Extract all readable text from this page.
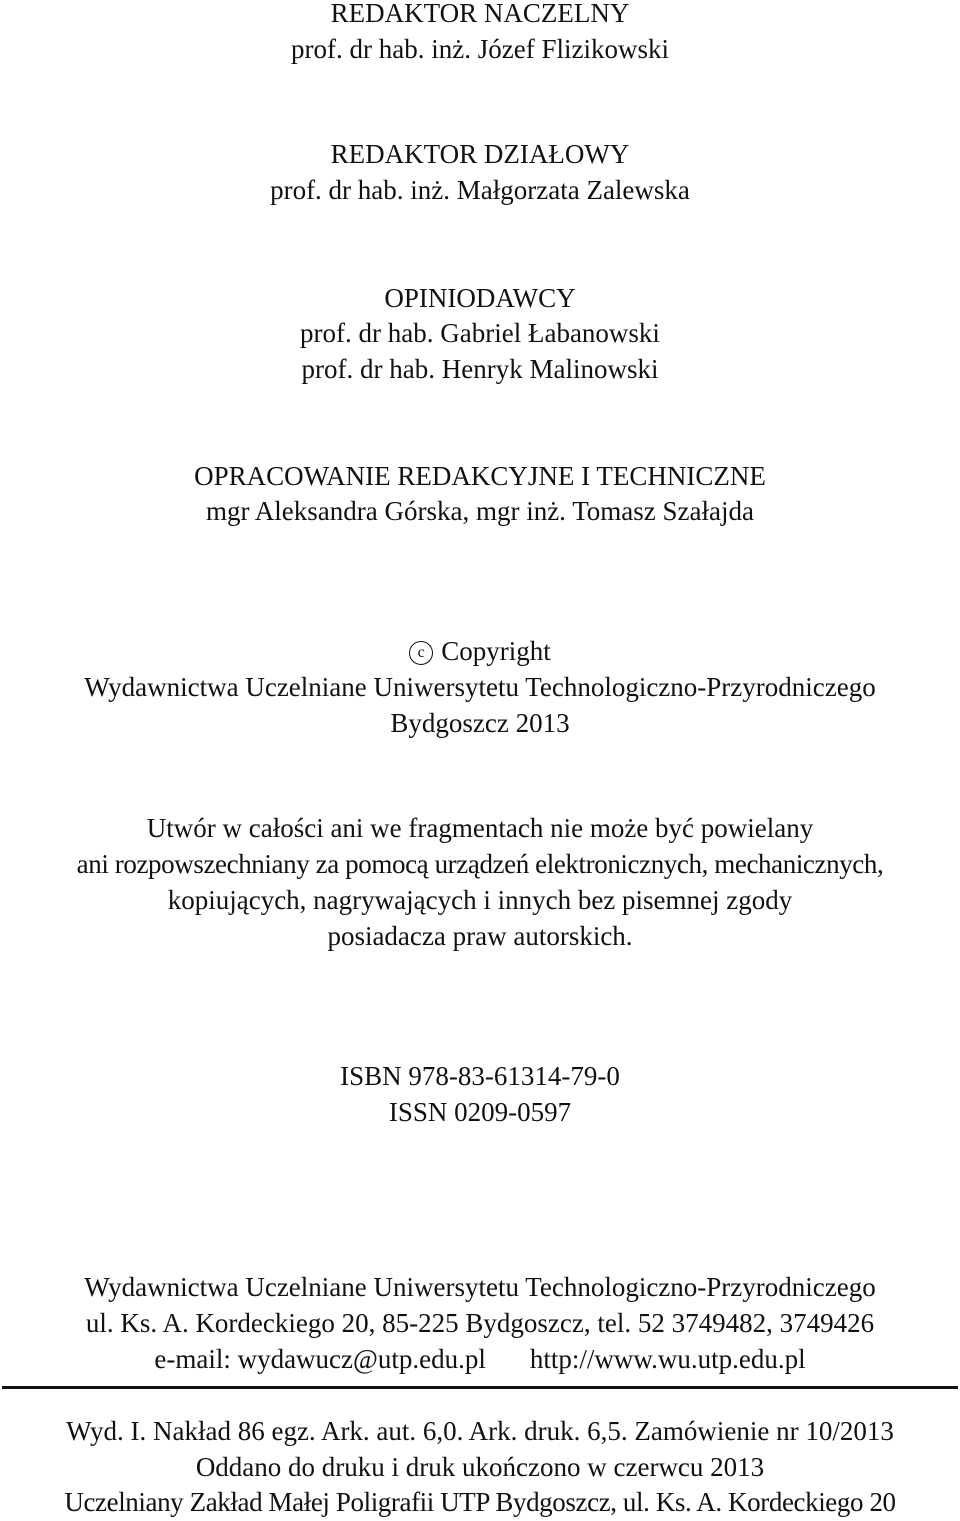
REDAKTOR NACZELNY
prof. dr hab. inż. Józef Flizikowski
REDAKTOR DZIAŁOWY
prof. dr hab. inż. Małgorzata Zalewska
OPINIODAWCY
prof. dr hab. Gabriel Łabanowski
prof. dr hab. Henryk Malinowski
OPRACOWANIE REDAKCYJNE I TECHNICZNE
mgr Aleksandra Górska, mgr inż. Tomasz Szałajda
c Copyright
Wydawnictwa Uczelniane Uniwersytetu Technologiczno-Przyrodniczego
Bydgoszcz 2013
Utwór w całości ani we fragmentach nie może być powielany
ani rozpowszechniany za pomocą urządzeń elektronicznych, mechanicznych,
kopiujących, nagrywających i innych bez pisemnej zgody
posiadacza praw autorskich.
ISBN 978-83-61314-79-0
ISSN 0209-0597
Wydawnictwa Uczelniane Uniwersytetu Technologiczno-Przyrodniczego
ul. Ks. A. Kordeckiego 20, 85-225 Bydgoszcz, tel. 52 3749482, 3749426
e-mail: wydawucz@utp.edu.pl http://www.wu.utp.edu.pl
Wyd. I. Nakład 86 egz. Ark. aut. 6,0. Ark. druk. 6,5. Zamówienie nr 10/2013
Oddano do druku i druk ukończono w czerwcu 2013
Uczelniany Zakład Małej Poligrafii UTP Bydgoszcz, ul. Ks. A. Kordeckiego 20
